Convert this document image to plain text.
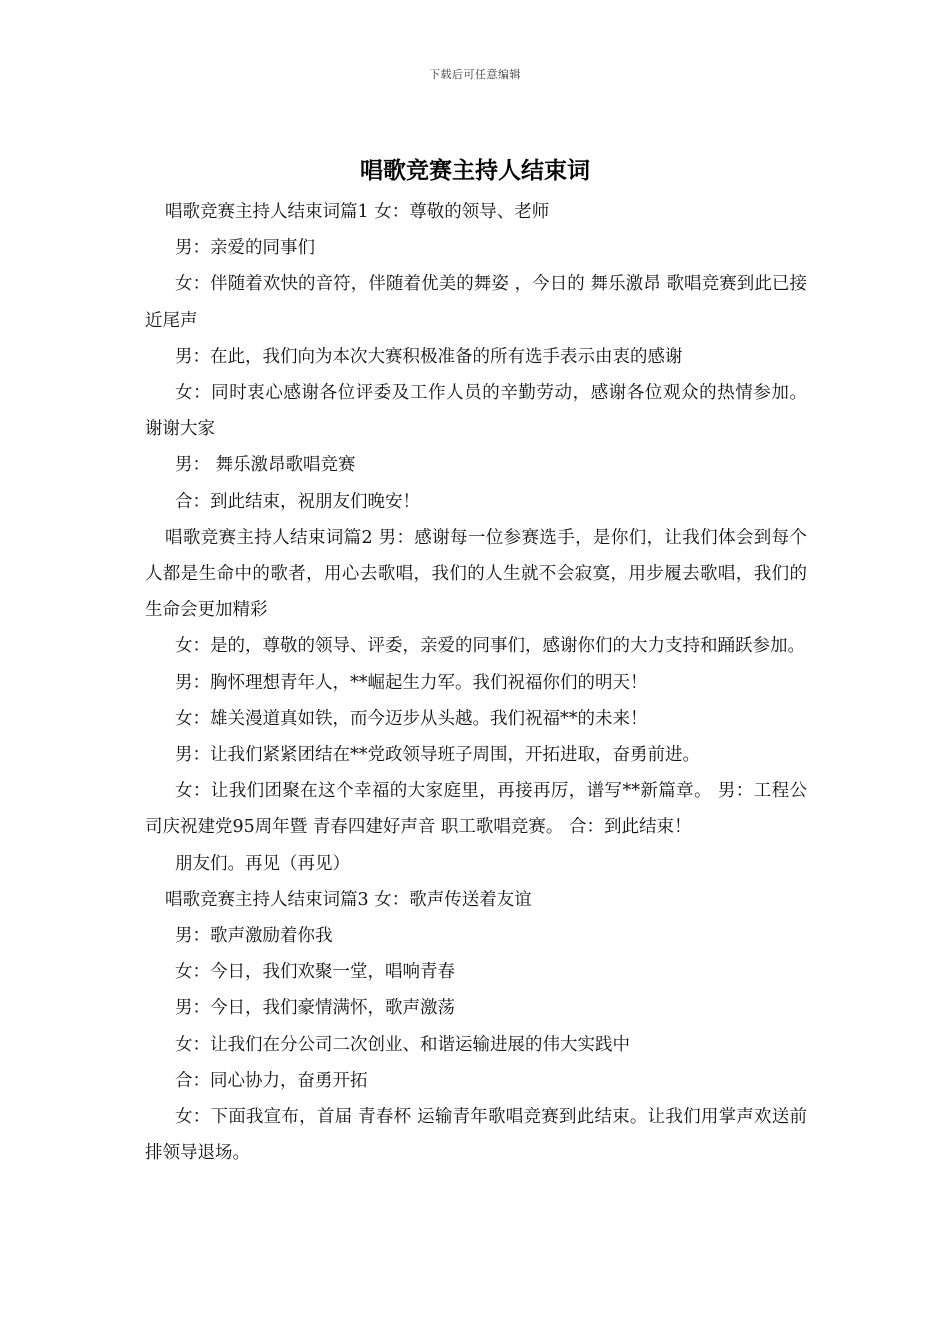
下载后可任意编辑
唱歌竞赛主持人结束词

唱歌竞赛主持人结束词篇1 女：尊敬的领导、老师

男：亲爱的同事们

女：伴随着欢快的音符，伴随着优美的舞姿 ，今日的 舞乐激昂 歌唱竞赛到此已接近尾声

男：在此，我们向为本次大赛积极准备的所有选手表示由衷的感谢

女：同时衷心感谢各位评委及工作人员的辛勤劳动，感谢各位观众的热情参加。 谢谢大家

男： 舞乐激昂歌唱竞赛

合：到此结束，祝朋友们晚安！

唱歌竞赛主持人结束词篇2 男：感谢每一位参赛选手，是你们，让我们体会到每个人都是生命中的歌者，用心去歌唱，我们的人生就不会寂寞，用步履去歌唱，我们的生命会更加精彩

女：是的，尊敬的领导、评委，亲爱的同事们，感谢你们的大力支持和踊跃参加。

男：胸怀理想青年人，**崛起生力军。我们祝福你们的明天！

女：雄关漫道真如铁，而今迈步从头越。我们祝福**的未来！

男：让我们紧紧团结在**党政领导班子周围，开拓进取，奋勇前进。

女：让我们团聚在这个幸福的大家庭里，再接再厉，谱写**新篇章。 男：工程公司庆祝建党95周年暨 青春四建好声音 职工歌唱竞赛。 合：到此结束！

朋友们。再见（再见）

唱歌竞赛主持人结束词篇3 女：歌声传送着友谊

男：歌声激励着你我

女：今日，我们欢聚一堂，唱响青春

男：今日，我们豪情满怀，歌声激荡

女：让我们在分公司二次创业、和谐运输进展的伟大实践中

合：同心协力，奋勇开拓

女：下面我宣布，首届 青春杯 运输青年歌唱竞赛到此结束。让我们用掌声欢送前排领导退场。
